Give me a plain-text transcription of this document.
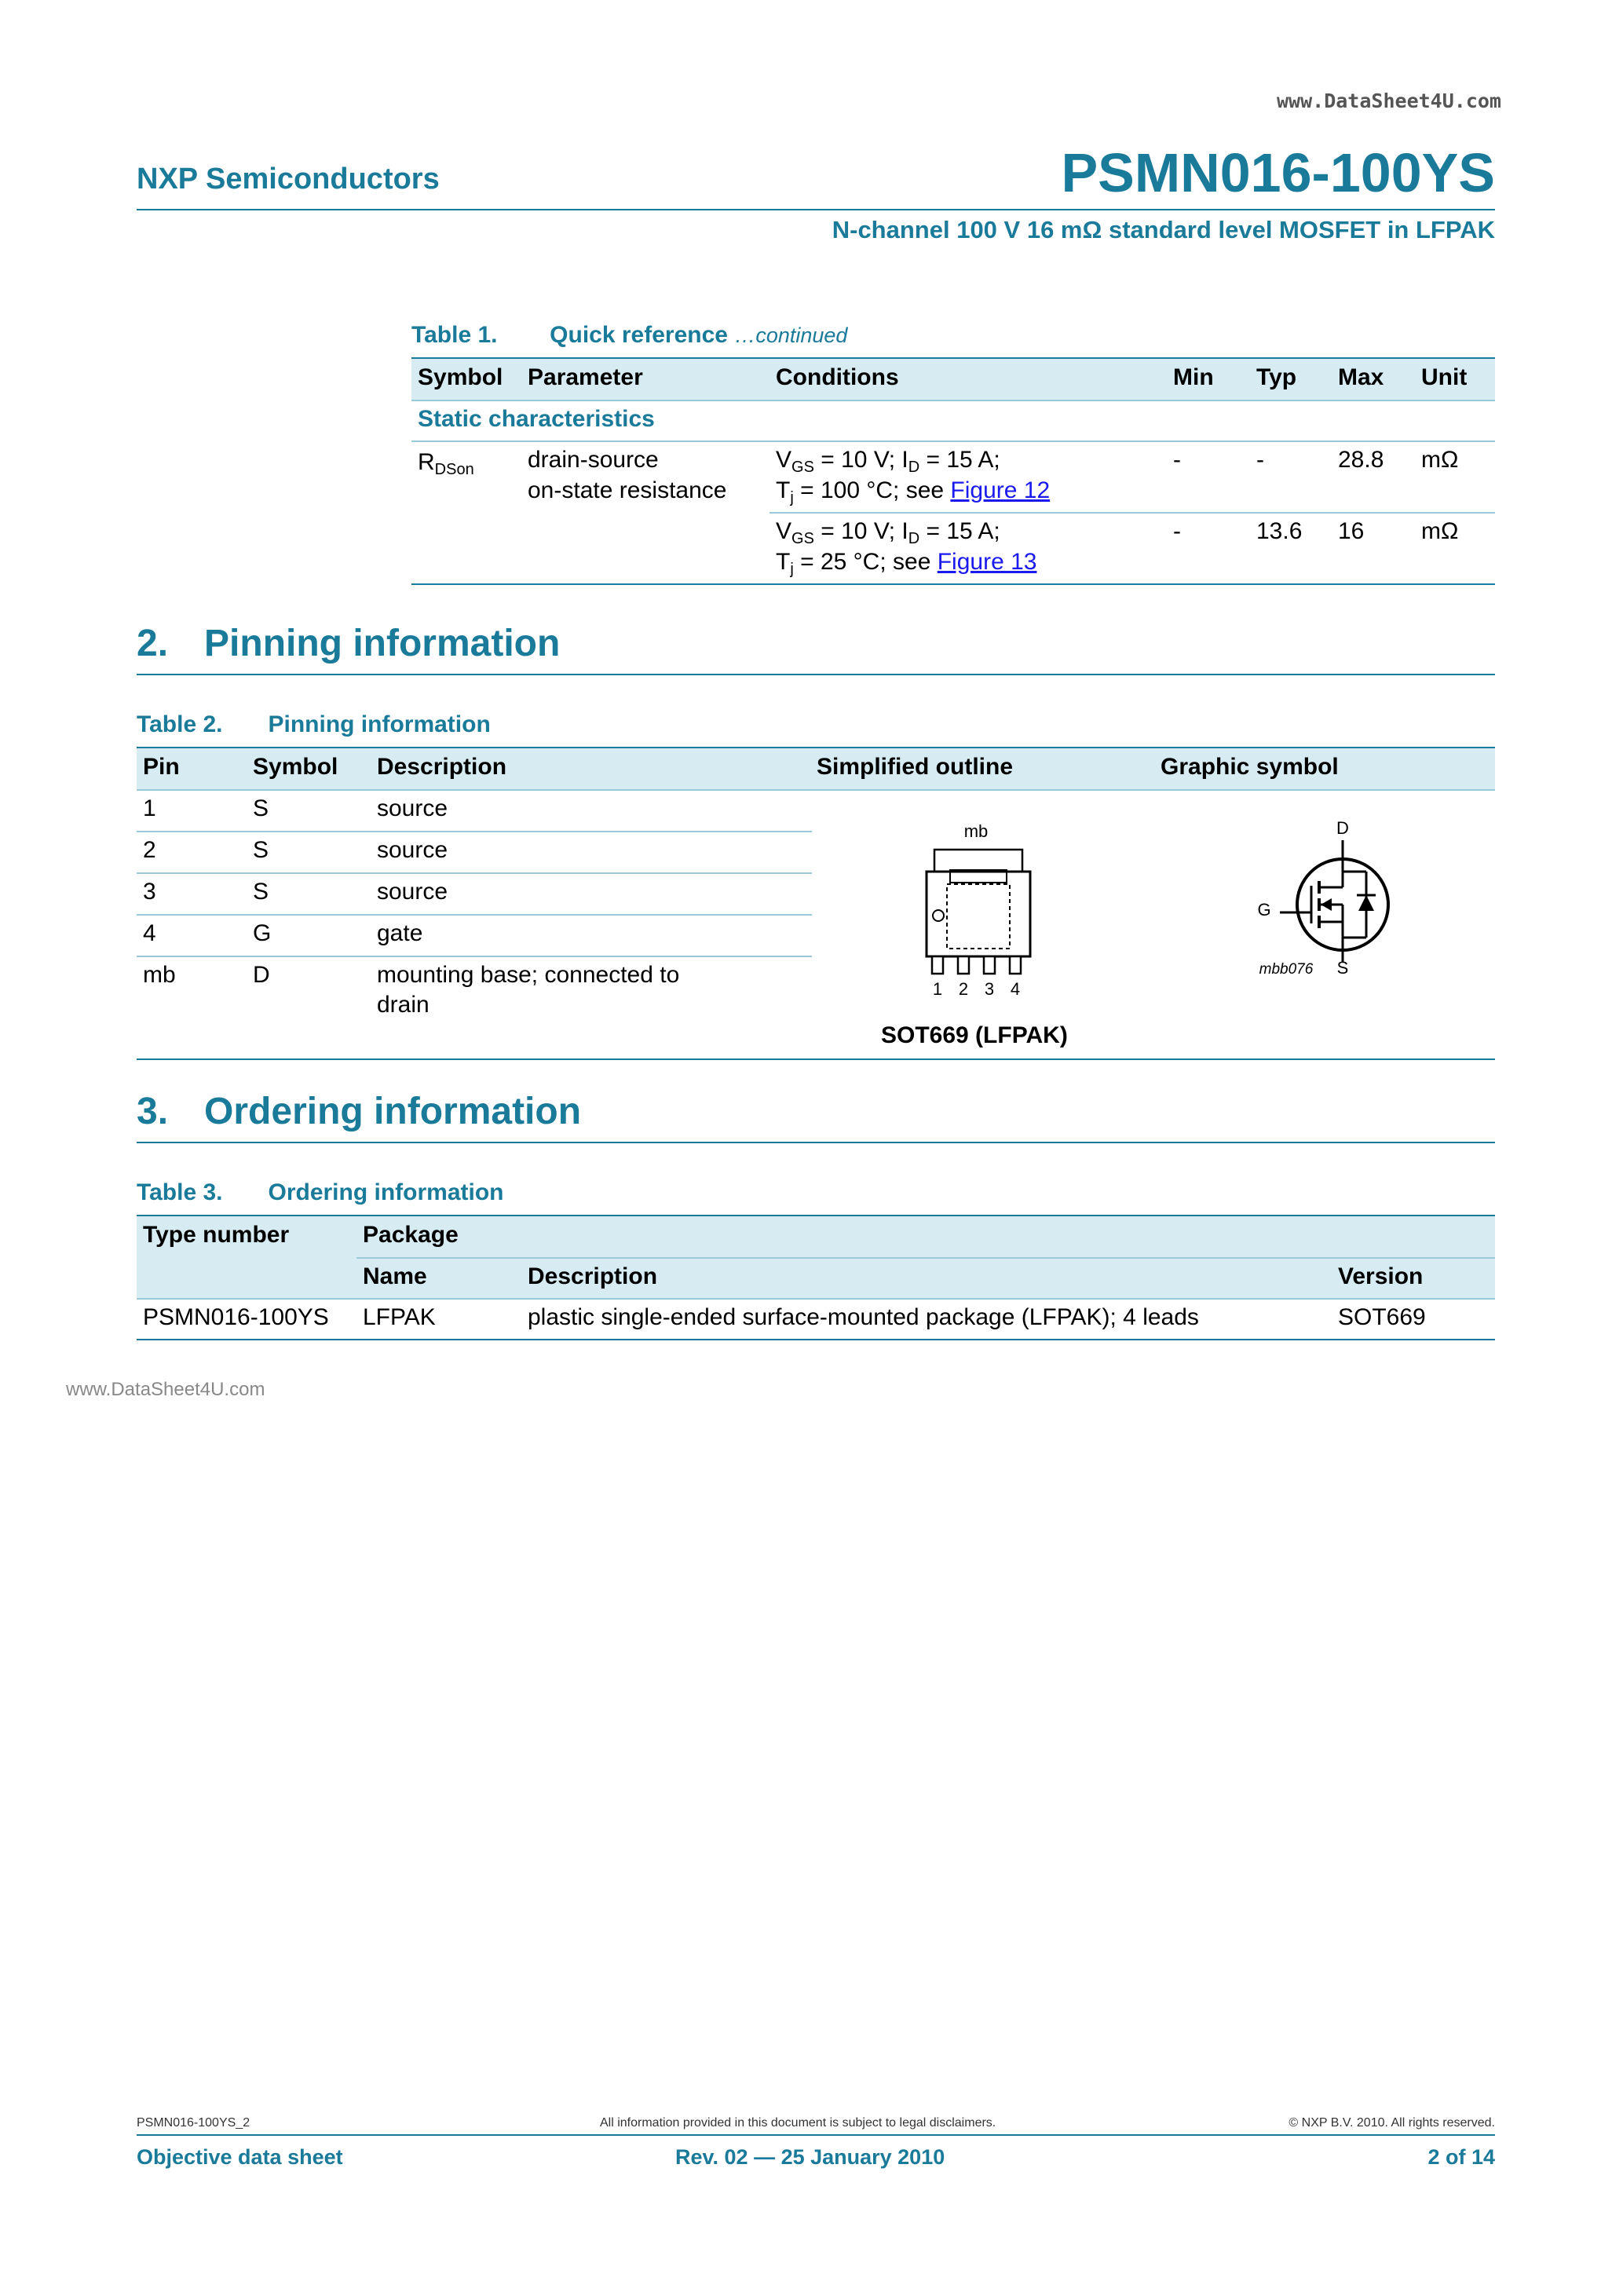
www.DataSheet4U.com
NXP Semiconductors	PSMN016-100YS
N-channel 100 V 16 mΩ standard level MOSFET in LFPAK
Table 1. Quick reference …continued
Symbol Parameter	Conditions	Min Typ Max Unit
Static characteristics
$R_{DSon}$ drain-source
on-state resistance
$V_{GS} = 10$ V; $I_D = 15$ A;
$T_j = 100$ °C; see Figure 12
-	-	28.8 mΩ
$V_{GS} = 10$ V; $I_D = 15$ A;
$T_j = 25$ °C; see Figure 13
-	13.6 16 mΩ
2. Pinning information
Table 2. Pinning information
Pin	Symbol Description	Simplified outline	Graphic symbol
1	S	source
2	S	source
3	S	source
4	G	gate
mb	D	mounting base; connected to
drain
mb
1 2 3 4
SOT669 (LFPAK)
D
G
S
mbb076
3. Ordering information
Table 3. Ordering information
Type number	Package
Name	Description	Version
PSMN016-100YS LFPAK	plastic single-ended surface-mounted package (LFPAK); 4 leads	SOT669
www.DataSheet4U.com
PSMN016-100YS_2	All information provided in this document is subject to legal disclaimers.	© NXP B.V. 2010. All rights reserved.
Objective data sheet	Rev. 02 — 25 January 2010	2 of 14
